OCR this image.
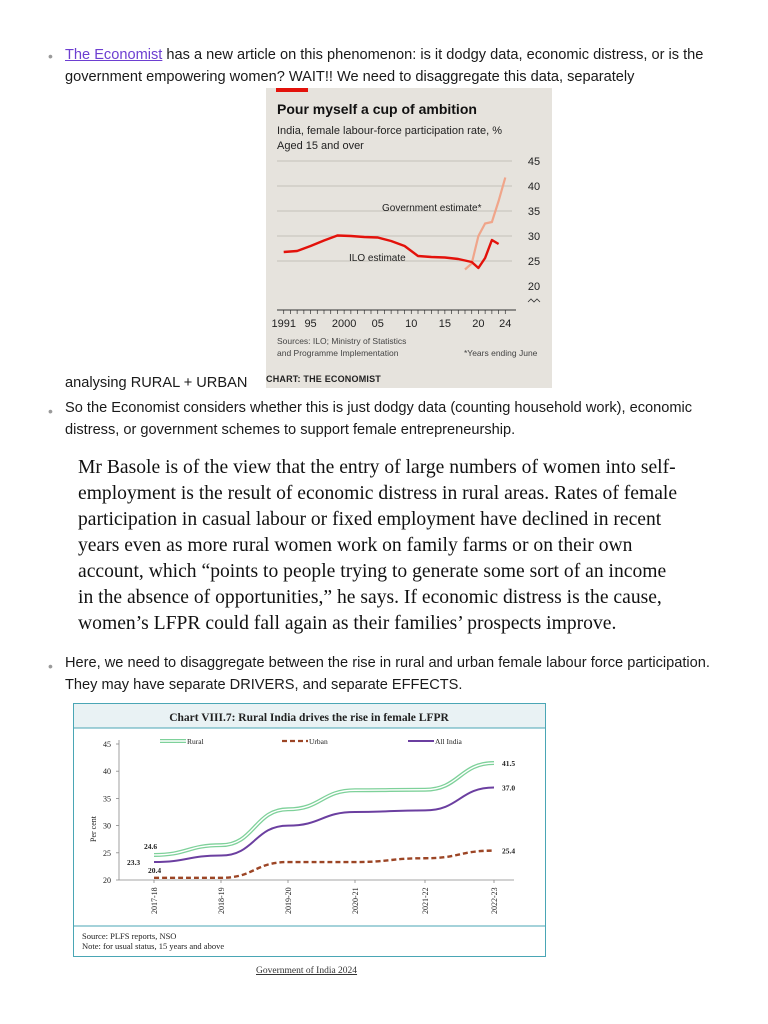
• The Economist has a new article on this phenomenon: is it dodgy data, economic distress, or is the government empowering women? WAIT!! We need to disaggregate this data, separately

Pour myself a cup of ambition
India, female labour-force participation rate, %
Aged 15 and over
45
40
35
30
25
20
1991 95 2000 05 10 15 20 24
Government estimate*
ILO estimate
Sources: ILO; Ministry of Statistics
and Programme Implementation	*Years ending June
analysing RURAL + URBAN	CHART: THE ECONOMIST
• So the Economist considers whether this is just dodgy data (counting household work), economic distress, or government schemes to support female entrepreneurship.

Mr Basole is of the view that the entry of large numbers of women into self-
employment is the result of economic distress in rural areas. Rates of female
participation in casual labour or fixed employment have declined in recent
years even as more rural women work on family farms or on their own
account, which “points to people trying to generate some sort of an income
in the absence of opportunities,” he says. If economic distress is the cause,
women’s LFPR could fall again as their families’ prospects improve.
• Here, we need to disaggregate between the rise in rural and urban female labour force participation. They may have separate DRIVERS, and separate EFFECTS.

Chart VIII.7: Rural India drives the rise in female LFPR
Rural	Urban	All India
20
25
30
35
40
45
2017-18	2018-19	2019-20	2020-21	2021-22	2022-23
24.6
23.3
20.4
41.5
37.0
25.4
Per cent
Source: PLFS reports, NSO
Note: for usual status, 15 years and above
Government of India 2024
